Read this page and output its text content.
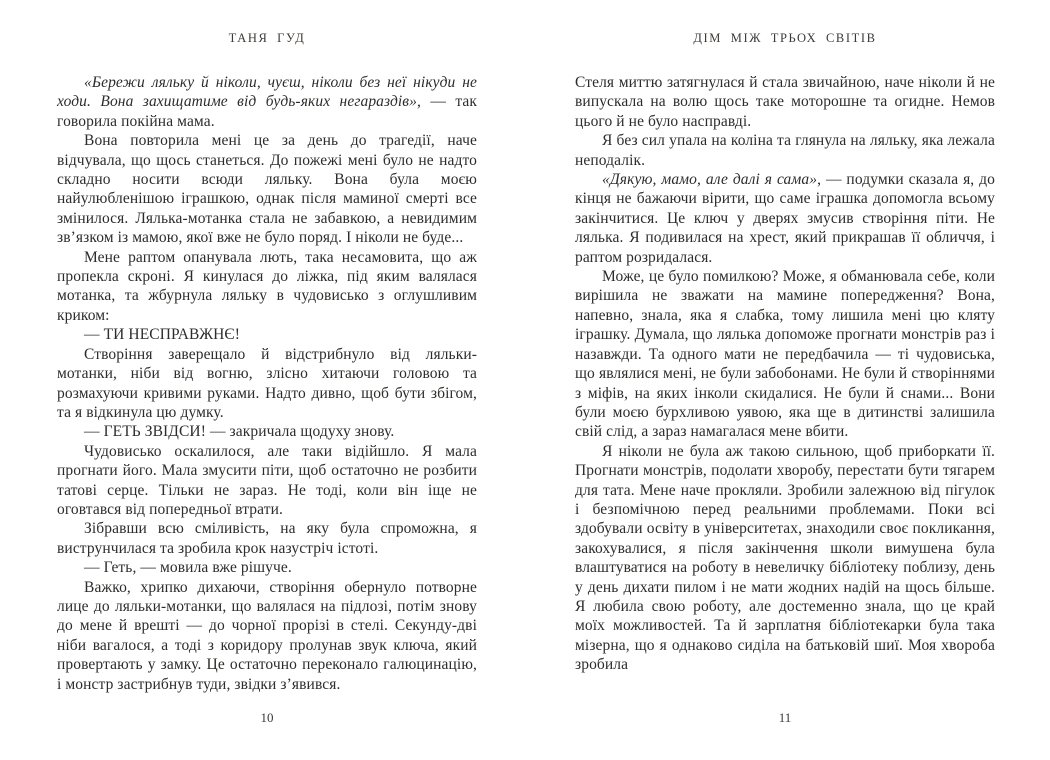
ТАНЯ ГУД

«Бережи ляльку й ніколи, чуєш, ніколи без неї нікуди не ходи. Вона захищатиме від будь-яких негараздів», — так говорила покійна мама.

Вона повторила мені це за день до трагедії, наче відчувала, що щось станеться. До пожежі мені було не надто складно носити всюди ляльку. Вона була моєю найулюбленішою іграшкою, однак після маминої смерті все змінилося. Лялька-мотанка стала не забавкою, а невидимим зв’язком із мамою, якої вже не було поряд. І ніколи не буде...

Мене раптом опанувала лють, така несамовита, що аж пропекла скроні. Я кинулася до ліжка, під яким валялася мотанка, та жбурнула ляльку в чудовисько з оглушливим криком:

— ТИ НЕСПРАВЖНЄ!

Створіння заверещало й відстрибнуло від ляльки-мотанки, ніби від вогню, злісно хитаючи головою та розмахуючи кривими руками. Надто дивно, щоб бути збігом, та я відкинула цю думку.

— ГЕТЬ ЗВІДСИ! — закричала щодуху знову.

Чудовисько оскалилося, але таки відійшло. Я мала прогнати його. Мала змусити піти, щоб остаточно не розбити татові серце. Тільки не зараз. Не тоді, коли він іще не оговтався від попередньої втрати.

Зібравши всю сміливість, на яку була спроможна, я виструнчилася та зробила крок назустріч істоті.

— Геть, — мовила вже рішуче.

Важко, хрипко дихаючи, створіння обернуло потворне лице до ляльки-мотанки, що валялася на підлозі, потім знову до мене й врешті — до чорної прорізі в стелі. Секунду-дві ніби вагалося, а тоді з коридору пролунав звук ключа, який провертають у замку. Це остаточно переконало галюцинацію, і монстр застрибнув туди, звідки з’явився.

10
ДІМ МІЖ ТРЬОХ СВІТІВ

Стеля миттю затягнулася й стала звичайною, наче ніколи й не випускала на волю щось таке моторошне та огидне. Немов цього й не було насправді.

Я без сил упала на коліна та глянула на ляльку, яка лежала неподалік.

«Дякую, мамо, але далі я сама», — подумки сказала я, до кінця не бажаючи вірити, що саме іграшка допомогла всьому закінчитися. Це ключ у дверях змусив створіння піти. Не лялька. Я подивилася на хрест, який прикрашав її обличчя, і раптом розридалася.

Може, це було помилкою? Може, я обманювала себе, коли вирішила не зважати на мамине попередження? Вона, напевно, знала, яка я слабка, тому лишила мені цю кляту іграшку. Думала, що лялька допоможе прогнати монстрів раз і назавжди. Та одного мати не передбачила — ті чудовиська, що являлися мені, не були забобонами. Не були й створіннями з міфів, на яких інколи скидалися. Не були й снами... Вони були моєю бурхливою уявою, яка ще в дитинстві залишила свій слід, а зараз намагалася мене вбити.

Я ніколи не була аж такою сильною, щоб приборкати її. Прогнати монстрів, подолати хворобу, перестати бути тягарем для тата. Мене наче прокляли. Зробили залежною від пігулок і безпомічною перед реальними проблемами. Поки всі здобували освіту в університетах, знаходили своє покликання, закохувалися, я після закінчення школи вимушена була влаштуватися на роботу в невеличку бібліотеку поблизу, день у день дихати пилом і не мати жодних надій на щось більше. Я любила свою роботу, але достеменно знала, що це край моїх можливостей. Та й зарплатня бібліотекарки була така мізерна, що я однаково сиділа на батьковій шиї. Моя хвороба зробила

11
